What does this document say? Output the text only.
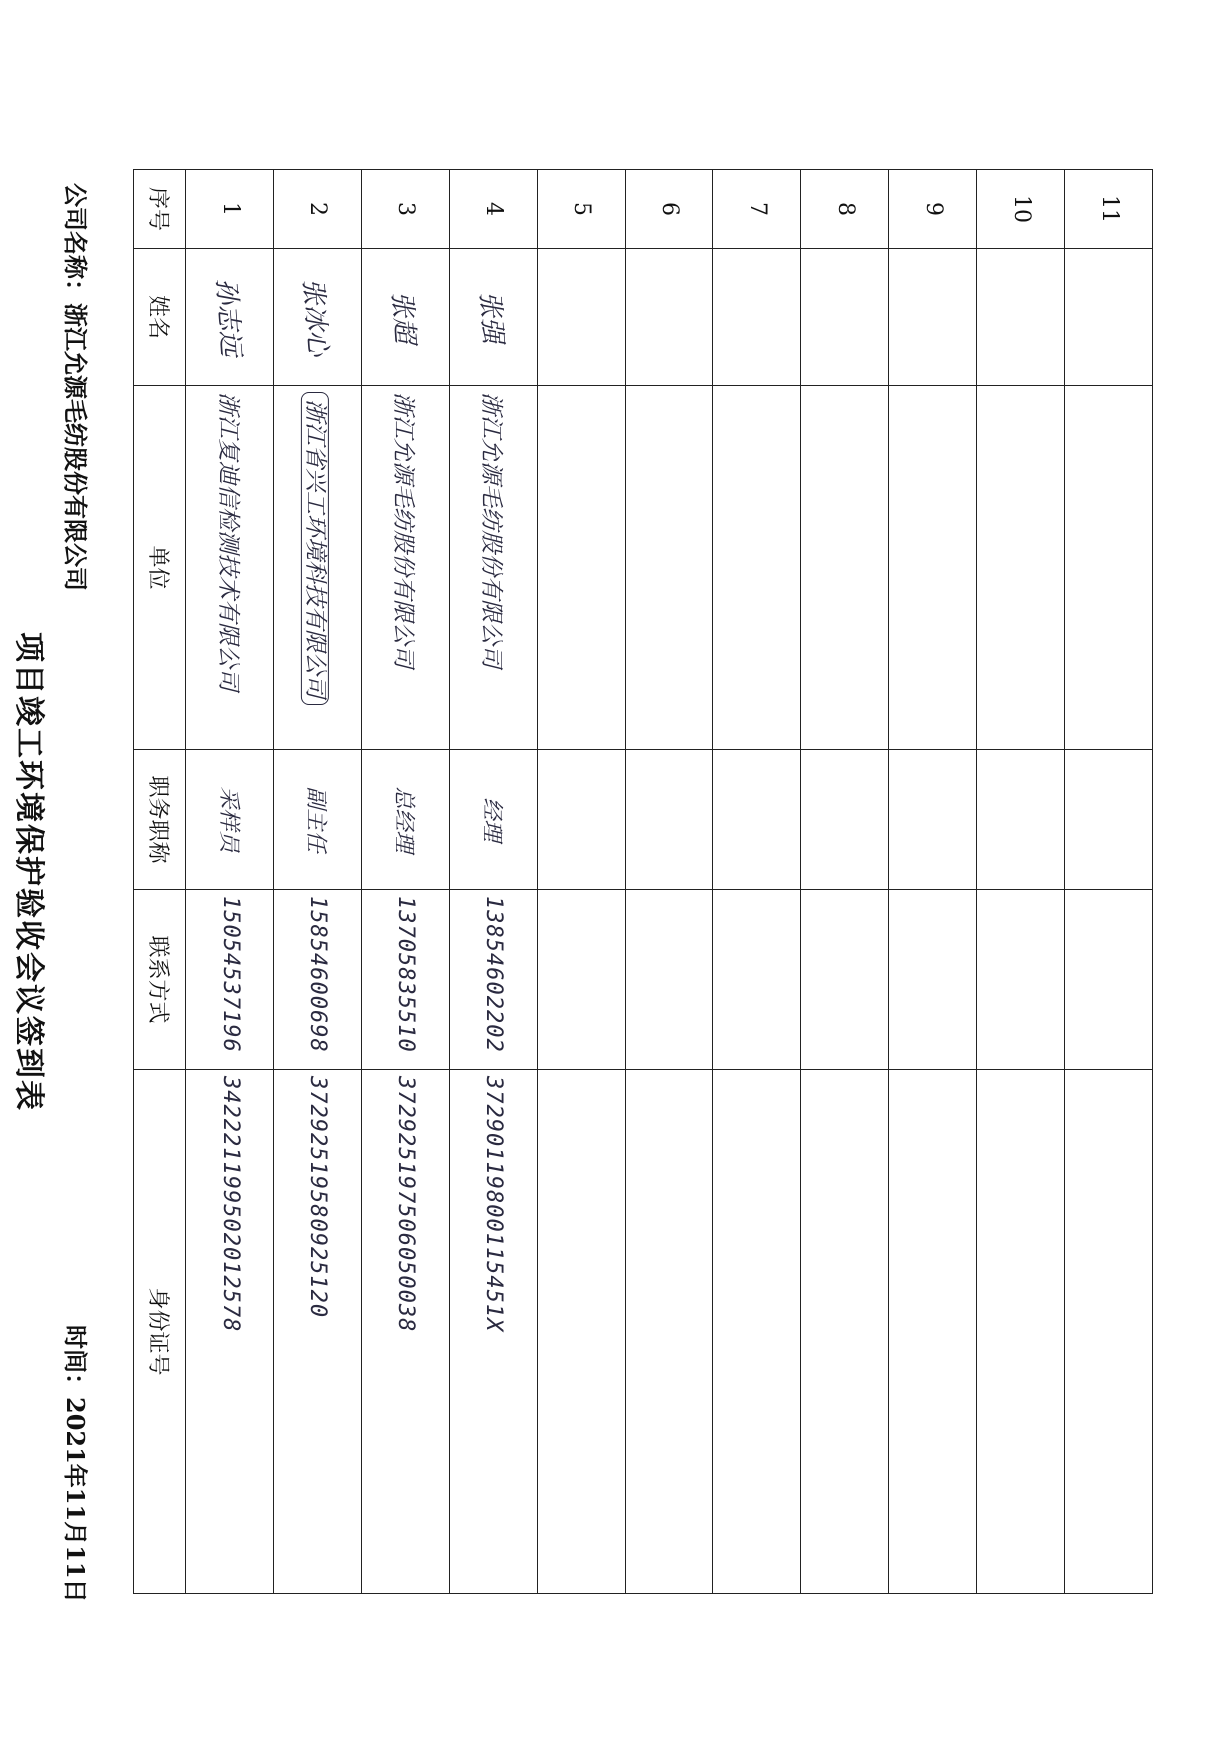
项目竣工环境保护验收会议签到表
公司名称：浙江允源毛纺股份有限公司
时间：2021年11月11日
序号	姓名	单位	职务职称	联系方式	身份证号
1	孙志远	浙江复迪信检测技术有限公司	采样员	15054537196	342221199502012578
2	张冰心	浙江省兴工环境科技有限公司	副主任	15854600698	37292519580925120
3	张超	浙江允源毛纺股份有限公司	总经理	13705835510	372925197506050038
4	张强	浙江允源毛纺股份有限公司	经理	13854602202	37290119800115451X
5					
6					
7					
8					
9					
10					
11					
